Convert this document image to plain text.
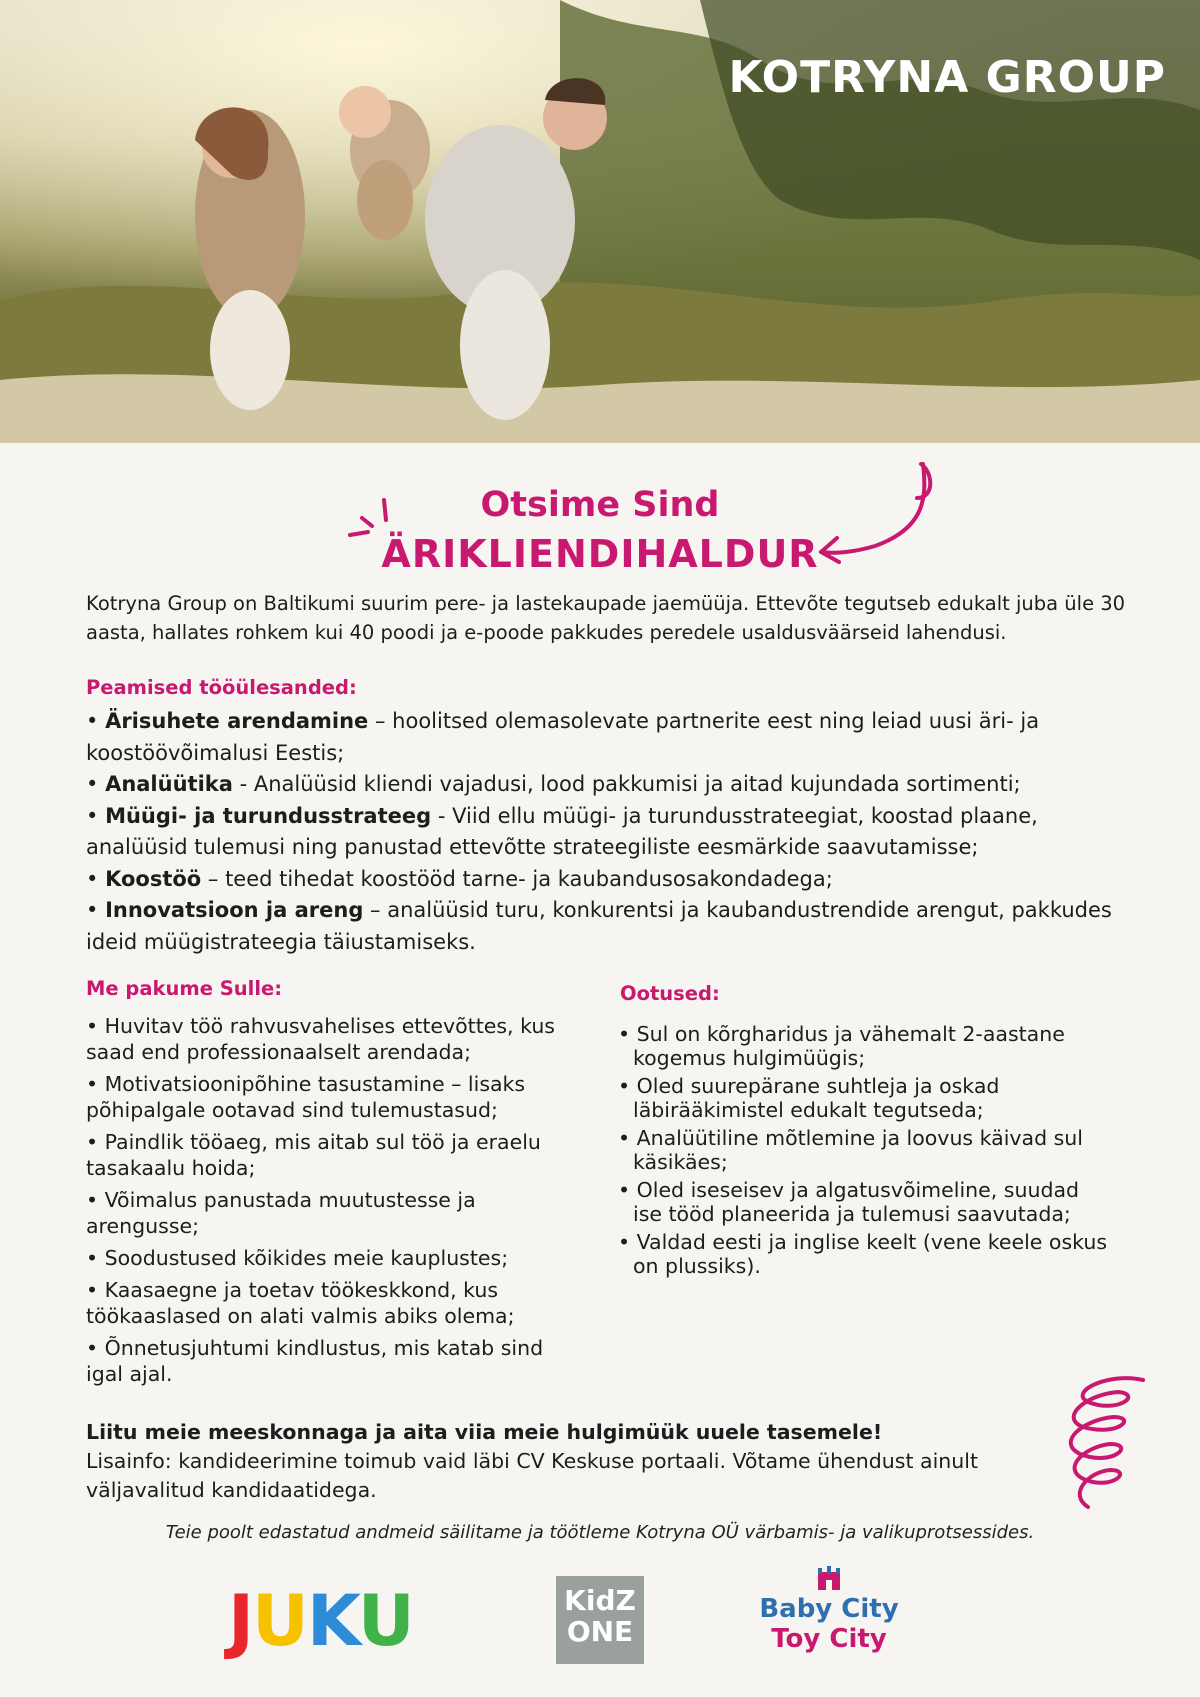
KOTRYNA GROUP
Otsime Sind
ÄRIKLIENDIHALDUR
Kotryna Group on Baltikumi suurim pere- ja lastekaupade jaemüüja. Ettevõte tegutseb edukalt juba üle 30 aasta, hallates rohkem kui 40 poodi ja e-poode pakkudes peredele usaldusväärseid lahendusi.
Peamised tööülesanded:
• Ärisuhete arendamine – hoolitsed olemasolevate partnerite eest ning leiad uusi äri- ja koostöövõimalusi Eestis;
• Analüütika - Analüüsid kliendi vajadusi, lood pakkumisi ja aitad kujundada sortimenti;
• Müügi- ja turundusstrateeg - Viid ellu müügi- ja turundusstrateegiat, koostad plaane, analüüsid tulemusi ning panustad ettevõtte strateegiliste eesmärkide saavutamisse;
• Koostöö – teed tihedat koostööd tarne- ja kaubandusosakondadega;
• Innovatsioon ja areng – analüüsid turu, konkurentsi ja kaubandustrendide arengut, pakkudes ideid müügistrateegia täiustamiseks.
Me pakume Sulle:
• Huvitav töö rahvusvahelises ettevõttes, kus saad end professionaalselt arendada;
• Motivatsioonipõhine tasustamine – lisaks põhipalgale ootavad sind tulemustasud;
• Paindlik tööaeg, mis aitab sul töö ja eraelu tasakaalu hoida;
• Võimalus panustada muutustesse ja arengusse;
• Soodustused kõikides meie kauplustes;
• Kaasaegne ja toetav töökeskkond, kus töökaaslased on alati valmis abiks olema;
• Õnnetusjuhtumi kindlustus, mis katab sind igal ajal.
Ootused:
• Sul on kõrgharidus ja vähemalt 2-aastane kogemus hulgimüügis;
• Oled suurepärane suhtleja ja oskad läbirääkimistel edukalt tegutseda;
• Analüütiline mõtlemine ja loovus käivad sul käsikäes;
• Oled iseseisev ja algatusvõimeline, suudad ise tööd planeerida ja tulemusi saavutada;
• Valdad eesti ja inglise keelt (vene keele oskus on plussiks).
Liitu meie meeskonnaga ja aita viia meie hulgimüük uuele tasemele!
Lisainfo: kandideerimine toimub vaid läbi CV Keskuse portaali. Võtame ühendust ainult väljavalitud kandidaatidega.
Teie poolt edastatud andmeid säilitame ja töötleme Kotryna OÜ värbamis- ja valikuprotsessides.
JUKU	KidZ
ONE
Baby City
Toy City
